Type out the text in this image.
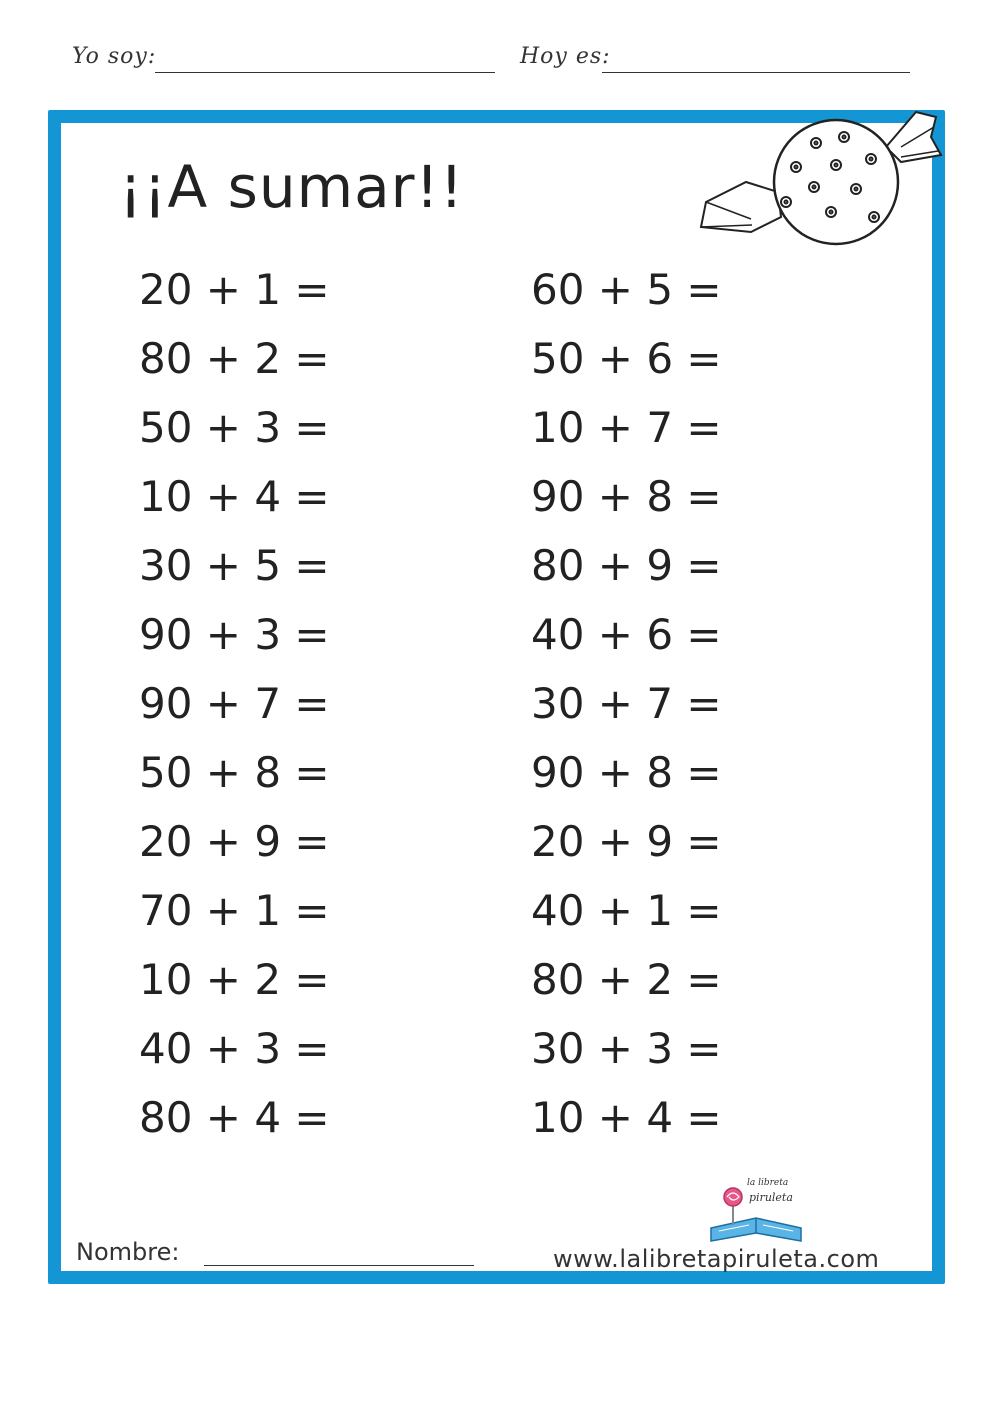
Yo soy:	Hoy es:
¡¡A sumar!!
20 + 1 =
80 + 2 =
50 + 3 =
10 + 4 =
30 + 5 =
90 + 3 =
90 + 7 =
50 + 8 =
20 + 9 =
70 + 1 =
10 + 2 =
40 + 3 =
80 + 4 =
60 + 5 =
50 + 6 =
10 + 7 =
90 + 8 =
80 + 9 =
40 + 6 =
30 + 7 =
90 + 8 =
20 + 9 =
40 + 1 =
80 + 2 =
30 + 3 =
10 + 4 =
la libreta
piruleta
Nombre:	www.lalibretapiruleta.com
